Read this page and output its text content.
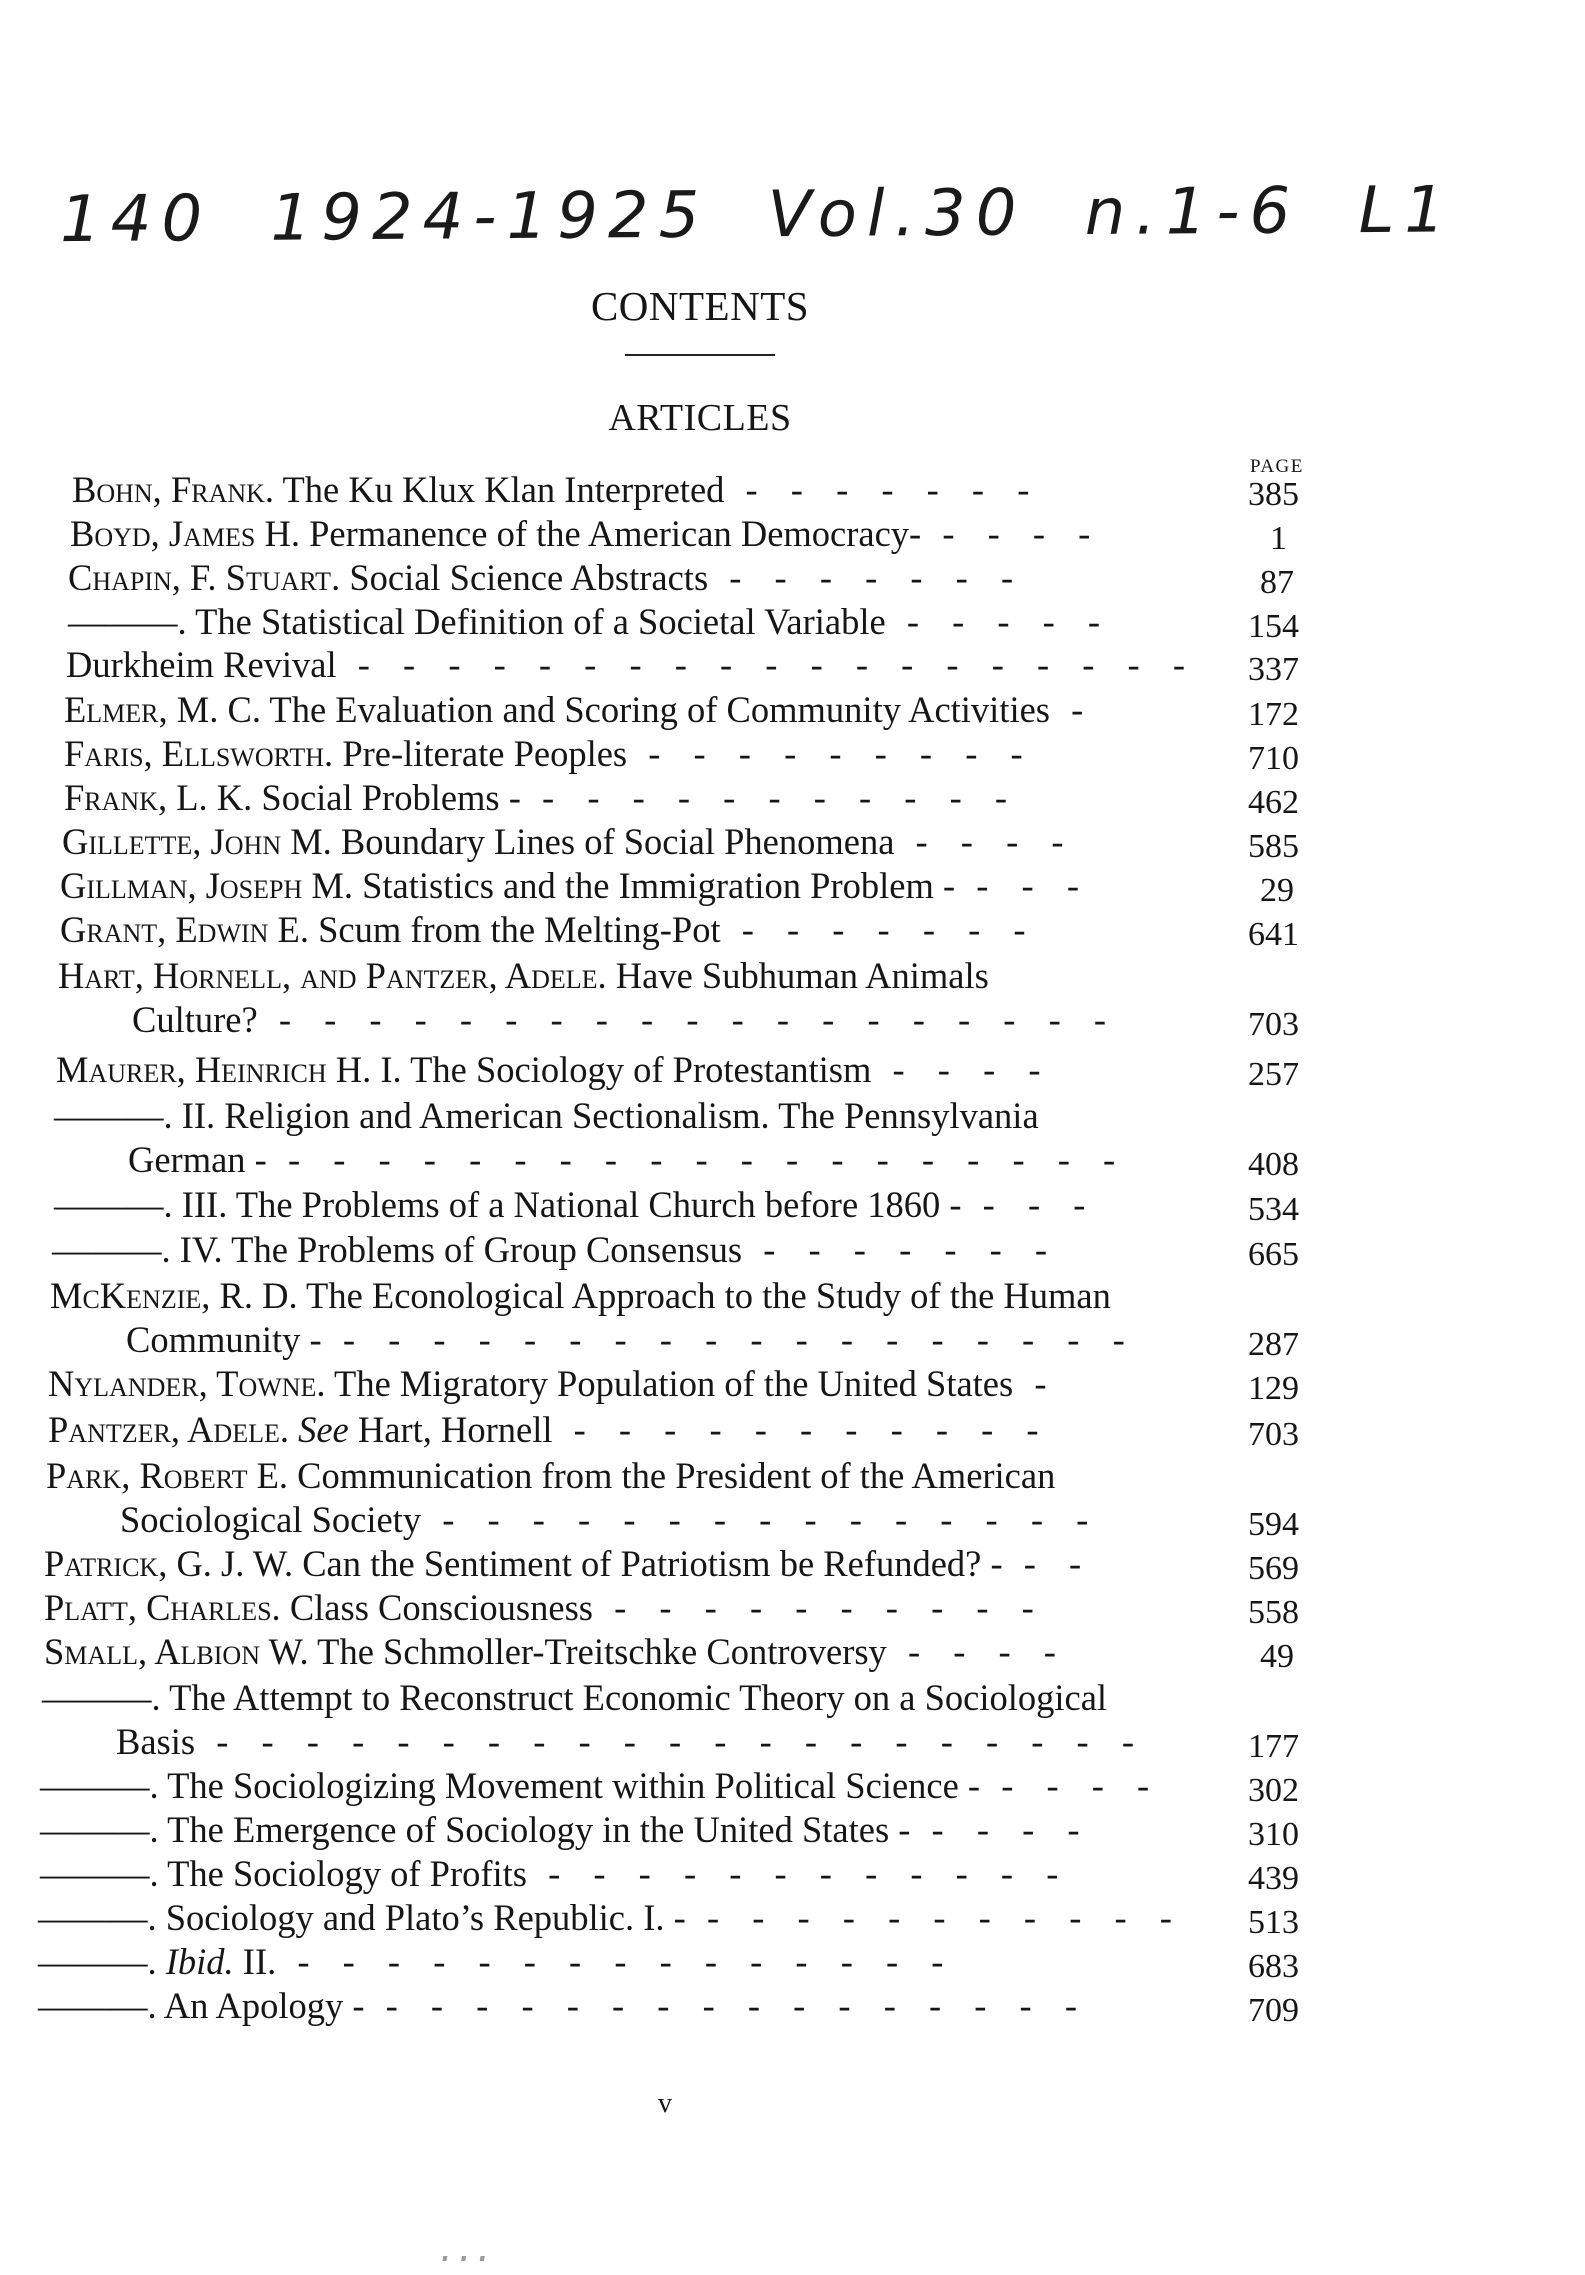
140 1924-1925 Vol.30 n.1-6 L1
CONTENTS
ARTICLES
PAGE
Bohn, Frank. The Ku Klux Klan Interpreted - - - - - - -	385
Boyd, James H. Permanence of the American Democracy- - - - -	1
Chapin, F. Stuart. Social Science Abstracts - - - - - - -	87
———. The Statistical Definition of a Societal Variable - - - - -	154
Durkheim Revival - - - - - - - - - - - - - - - - - - - 337
Elmer, M. C. The Evaluation and Scoring of Community Activities -	172
Faris, Ellsworth. Pre-literate Peoples - - - - - - - - -	710
Frank, L. K. Social Problems - - - - - - - - - - - -	462
Gillette, John M. Boundary Lines of Social Phenomena - - - -	585
Gillman, Joseph M. Statistics and the Immigration Problem - - - -	29
Grant, Edwin E. Scum from the Melting-Pot - - - - - - -	641
Hart, Hornell, and Pantzer, Adele. Have Subhuman Animals
Culture? - - - - - - - - - - - - - - - - - - -	703
Maurer, Heinrich H. I. The Sociology of Protestantism - - - -	257
———. II. Religion and American Sectionalism. The Pennsylvania
German - - - - - - - - - - - - - - - - - - - -	408
———. III. The Problems of a National Church before 1860 - - - -	534
———. IV. The Problems of Group Consensus - - - - - - -	665
McKenzie, R. D. The Econological Approach to the Study of the Human
Community - - - - - - - - - - - - - - - - - - -	287
Nylander, Towne. The Migratory Population of the United States -	129
Pantzer, Adele. See Hart, Hornell - - - - - - - - - - -	703
Park, Robert E. Communication from the President of the American
Sociological Society - - - - - - - - - - - - - - -	594
Patrick, G. J. W. Can the Sentiment of Patriotism be Refunded? - - -	569
Platt, Charles. Class Consciousness - - - - - - - - - -	558
Small, Albion W. The Schmoller-Treitschke Controversy - - - -	49
———. The Attempt to Reconstruct Economic Theory on a Sociological
Basis - - - - - - - - - - - - - - - - - - - - -	177
———. The Sociologizing Movement within Political Science - - - - -	302
———. The Emergence of Sociology in the United States - - - - -	310
———. The Sociology of Profits - - - - - - - - - - - -	439
———. Sociology and Plato’s Republic. I. - - - - - - - - - - - - 513
———. Ibid. II. - - - - - - - - - - - - - - -	683
———. An Apology - - - - - - - - - - - - - - - - -	709
v
...
